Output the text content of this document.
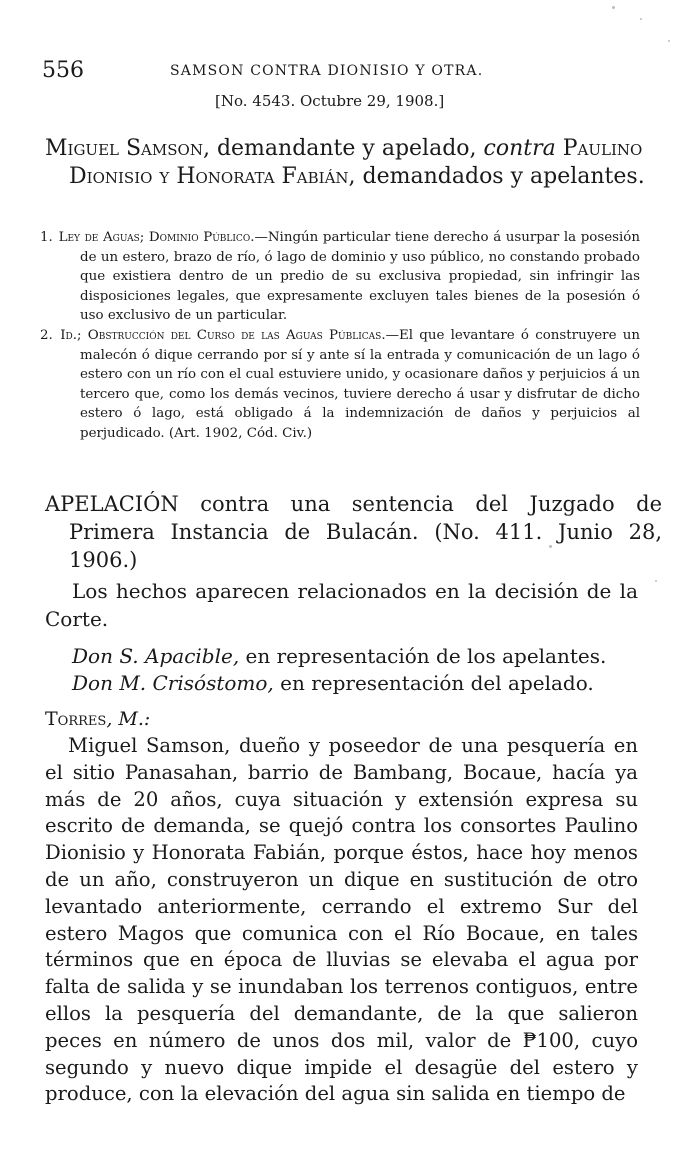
556	SAMSON CONTRA DIONISIO Y OTRA.
[No. 4543. Octubre 29, 1908.]

Miguel Samson, demandante y apelado, contra Paulino Dionisio y Honorata Fabián, demandados y apelantes.

1. Ley de Aguas; Dominio Público.—Ningún particular tiene derecho á usurpar la posesión de un estero, brazo de río, ó lago de dominio y uso público, no constando probado que existiera dentro de un predio de su exclusiva propiedad, sin infringir las disposiciones legales, que expresamente excluyen tales bienes de la posesión ó uso exclusivo de un particular.
2. Id.; Obstrucción del Curso de las Aguas Públicas.—El que levantare ó construyere un malecón ó dique cerrando por sí y ante sí la entrada y comunicación de un lago ó estero con un río con el cual estuviere unido, y ocasionare daños y perjuicios á un tercero que, como los demás vecinos, tuviere derecho á usar y disfrutar de dicho estero ó lago, está obligado á la indemnización de daños y perjuicios al perjudicado. (Art. 1902, Cód. Civ.)

APELACIÓN contra una sentencia del Juzgado de Primera Instancia de Bulacán. (No. 411. Junio 28, 1906.)

Los hechos aparecen relacionados en la decisión de la Corte.

Don S. Apacible, en representación de los apelantes.

Don M. Crisóstomo, en representación del apelado.

Torres, M.:

Miguel Samson, dueño y poseedor de una pesquería en el sitio Panasahan, barrio de Bambang, Bocaue, hacía ya más de 20 años, cuya situación y extensión expresa su escrito de demanda, se quejó contra los consortes Paulino Dionisio y Honorata Fabián, porque éstos, hace hoy menos de un año, construyeron un dique en sustitución de otro levantado anteriormente, cerrando el extremo Sur del estero Magos que comunica con el Río Bocaue, en tales términos que en época de lluvias se elevaba el agua por falta de salida y se inundaban los terrenos contiguos, entre ellos la pesquería del demandante, de la que salieron peces en número de unos dos mil, valor de ₱100, cuyo segundo y nuevo dique impide el desagüe del estero y produce, con la elevación del agua sin salida en tiempo de
